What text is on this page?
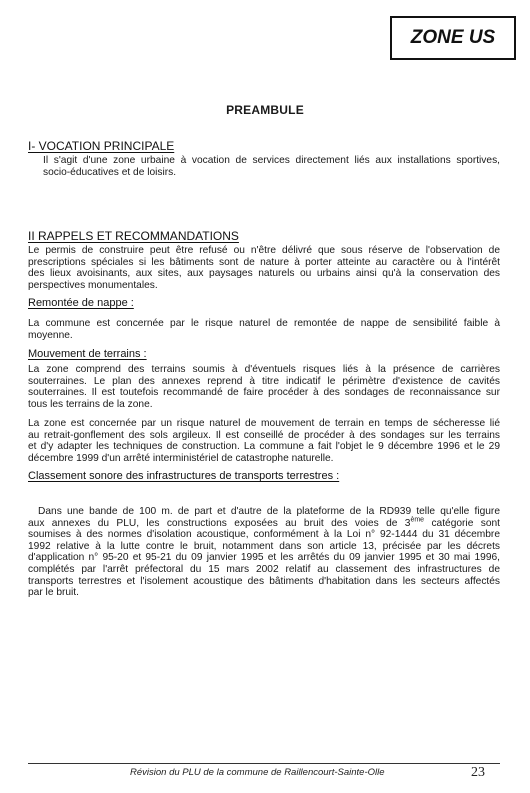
ZONE US
PREAMBULE
I- VOCATION PRINCIPALE
Il s'agit d'une zone urbaine à vocation de services directement liés aux installations sportives,
socio-éducatives et de loisirs.
II RAPPELS ET RECOMMANDATIONS
Le permis de construire peut être refusé ou n'être délivré que sous réserve de l'observation de
prescriptions spéciales si les bâtiments sont de nature à porter atteinte au caractère ou à l'intérêt
des lieux avoisinants, aux sites, aux paysages naturels ou urbains ainsi qu'à la conservation des
perspectives monumentales.
Remontée de nappe :
La commune est concernée par le risque naturel de remontée de nappe de sensibilité faible à
moyenne.
Mouvement de terrains :
La zone comprend des terrains soumis à d'éventuels risques liés à la présence de carrières
souterraines. Le plan des annexes reprend à titre indicatif le périmètre d'existence de cavités
souterraines. Il est toutefois recommandé de faire procéder à des sondages de reconnaissance sur
tous les terrains de la zone.
La zone est concernée par un risque naturel de mouvement de terrain en temps de sécheresse lié
au retrait-gonflement des sols argileux. Il est conseillé de procéder à des sondages sur les terrains
et d'y adapter les techniques de construction. La commune a fait l'objet le 9 décembre 1996 et le 29
décembre 1999 d'un arrêté interministériel de catastrophe naturelle.
Classement sonore des infrastructures de transports terrestres :
Dans une bande de 100 m. de part et d'autre de la plateforme de la RD939 telle qu'elle figure
aux annexes du PLU, les constructions exposées au bruit des voies de 3ème catégorie sont
soumises à des normes d'isolation acoustique, conformément à la Loi n° 92-1444 du 31 décembre
1992 relative à la lutte contre le bruit, notamment dans son article 13, précisée par les décrets
d'application n° 95-20 et 95-21 du 09 janvier 1995 et les arrêtés du 09 janvier 1995 et 30 mai 1996,
complétés par l'arrêt préfectoral du 15 mars 2002 relatif au classement des infrastructures de
transports terrestres et l'isolement acoustique des bâtiments d'habitation dans les secteurs affectés
par le bruit.
Révision du PLU de la commune de Raillencourt-Sainte-Olle	23
